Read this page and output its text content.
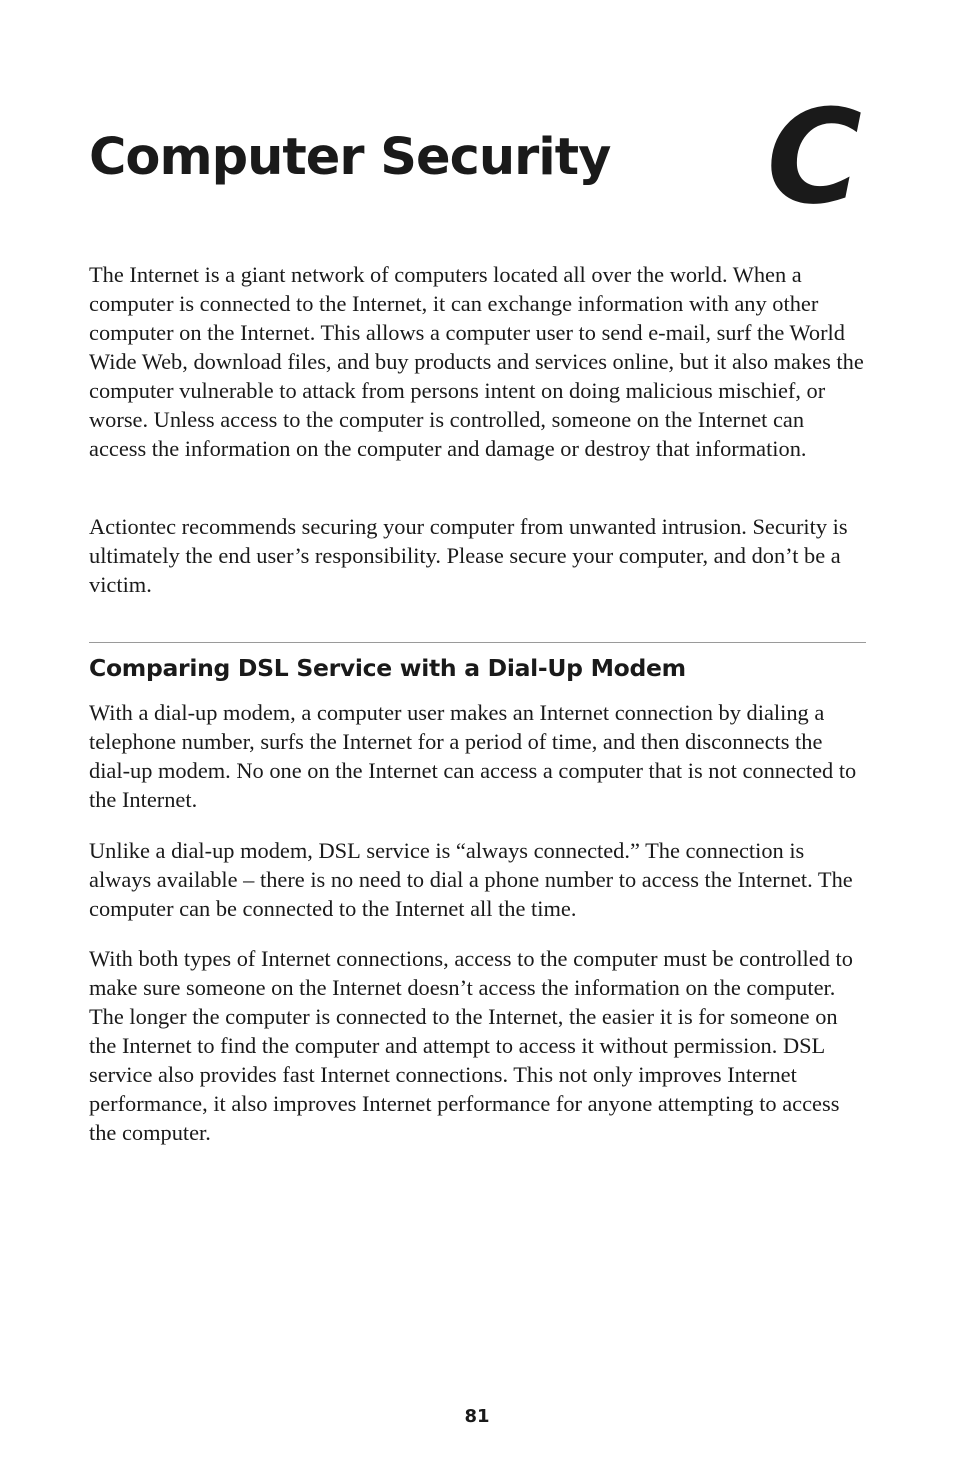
Computer Security C

The Internet is a giant network of computers located all over the world. When a computer is connected to the Internet, it can exchange information with any other computer on the Internet. This allows a computer user to send e-mail, surf the World Wide Web, download files, and buy products and services online, but it also makes the computer vulnerable to attack from persons intent on doing malicious mischief, or worse. Unless access to the computer is controlled, someone on the Internet can access the information on the computer and damage or destroy that information.

Actiontec recommends securing your computer from unwanted intrusion. Security is ultimately the end user’s responsibility. Please secure your computer, and don’t be a victim.

Comparing DSL Service with a Dial-Up Modem

With a dial-up modem, a computer user makes an Internet connection by dialing a telephone number, surfs the Internet for a period of time, and then disconnects the dial-up modem. No one on the Internet can access a computer that is not connected to the Internet.

Unlike a dial-up modem, DSL service is “always connected.” The connection is always available – there is no need to dial a phone number to access the Internet. The computer can be connected to the Internet all the time.

With both types of Internet connections, access to the computer must be controlled to make sure someone on the Internet doesn’t access the information on the computer. The longer the computer is connected to the Internet, the easier it is for someone on the Internet to find the computer and attempt to access it without permission. DSL service also provides fast Internet connections. This not only improves Internet performance, it also improves Internet performance for anyone attempting to access the computer.

81
